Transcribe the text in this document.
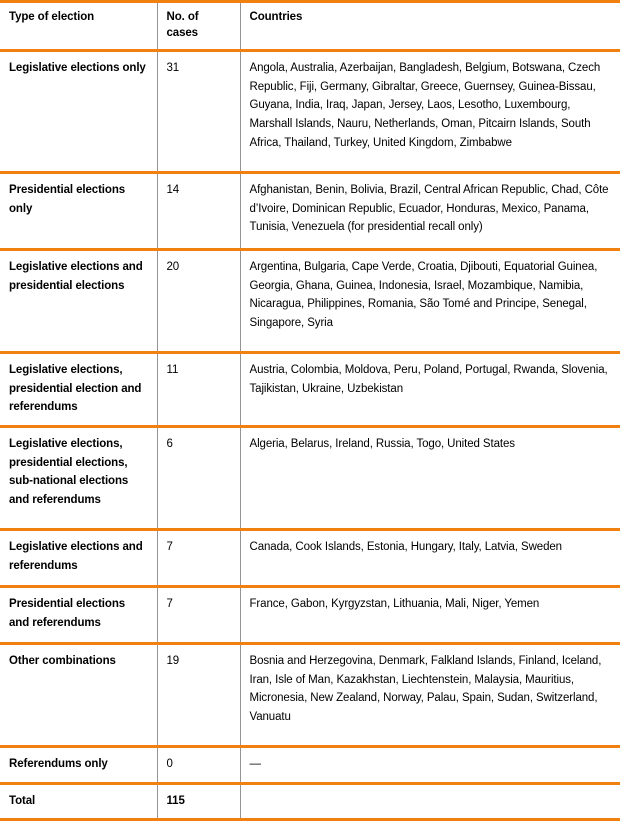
Type of election	No. of cases	Countries
Legislative elections only	31	Angola, Australia, Azerbaijan, Bangladesh, Belgium, Botswana, Czech Republic, Fiji, Germany, Gibraltar, Greece, Guernsey, Guinea-Bissau, Guyana, India, Iraq, Japan, Jersey, Laos, Lesotho, Luxembourg, Marshall Islands, Nauru, Netherlands, Oman, Pitcairn Islands, South Africa, Thailand, Turkey, United Kingdom, Zimbabwe
Presidential elections only	14	Afghanistan, Benin, Bolivia, Brazil, Central African Republic, Chad, Côte d’Ivoire, Dominican Republic, Ecuador, Honduras, Mexico, Panama, Tunisia, Venezuela (for presidential recall only)
Legislative elections and presidential elections	20	Argentina, Bulgaria, Cape Verde, Croatia, Djibouti, Equatorial Guinea, Georgia, Ghana, Guinea, Indonesia, Israel, Mozambique, Namibia, Nicaragua, Philippines, Romania, São Tomé and Principe, Senegal, Singapore, Syria
Legislative elections, presidential election and referendums	11	Austria, Colombia, Moldova, Peru, Poland, Portugal, Rwanda, Slovenia, Tajikistan, Ukraine, Uzbekistan
Legislative elections, presidential elections, sub-national elections and referendums	6	Algeria, Belarus, Ireland, Russia, Togo, United States
Legislative elections and referendums	7	Canada, Cook Islands, Estonia, Hungary, Italy, Latvia, Sweden
Presidential elections and referendums	7	France, Gabon, Kyrgyzstan, Lithuania, Mali, Niger, Yemen
Other combinations	19	Bosnia and Herzegovina, Denmark, Falkland Islands, Finland, Iceland, Iran, Isle of Man, Kazakhstan, Liechtenstein, Malaysia, Mauritius, Micronesia, New Zealand, Norway, Palau, Spain, Sudan, Switzerland, Vanuatu
Referendums only	0	—
Total	115	
